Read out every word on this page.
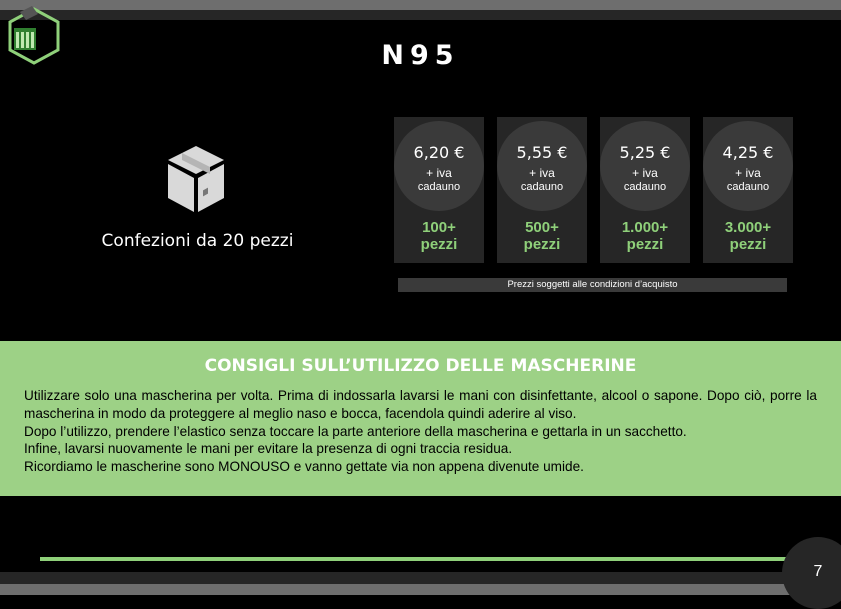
N95
Confezioni da 20 pezzi
6,20 €
+ iva
cadauno
100+
pezzi
5,55 €
+ iva
cadauno
500+
pezzi
5,25 €
+ iva
cadauno
1.000+
pezzi
4,25 €
+ iva
cadauno
3.000+
pezzi
Prezzi soggetti alle condizioni d’acquisto
CONSIGLI SULL’UTILIZZO DELLE MASCHERINE

Utilizzare solo una mascherina per volta. Prima di indossarla lavarsi le mani con disinfettante, alcool o sapone. Dopo ciò, porre la mascherina in modo da proteggere al meglio naso e bocca, facendola quindi aderire al viso.

Dopo l’utilizzo, prendere l’elastico senza toccare la parte anteriore della mascherina e gettarla in un sacchetto.

Infine, lavarsi nuovamente le mani per evitare la presenza di ogni traccia residua.

Ricordiamo le mascherine sono MONOUSO e vanno gettate via non appena divenute umide.

7
